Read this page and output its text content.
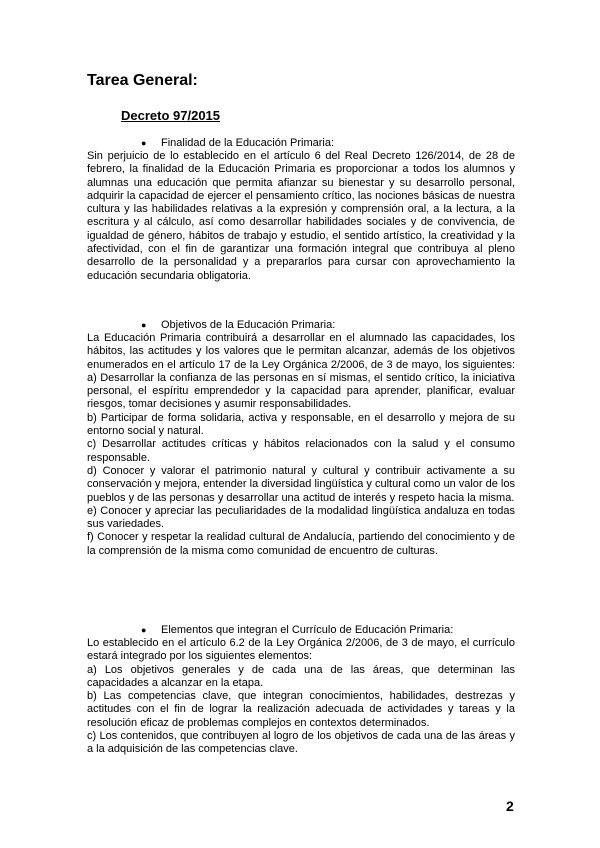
Tarea General:
Decreto 97/2015
●	Finalidad de la Educación Primaria:

Sin perjuicio de lo establecido en el artículo 6 del Real Decreto 126/2014, de 28 de febrero, la finalidad de la Educación Primaria es proporcionar a todos los alumnos y alumnas una educación que permita afianzar su bienestar y su desarrollo personal, adquirir la capacidad de ejercer el pensamiento crítico, las nociones básicas de nuestra cultura y las habilidades relativas a la expresión y comprensión oral, a la lectura, a la escritura y al cálculo, así como desarrollar habilidades sociales y de convivencia, de igualdad de género, hábitos de trabajo y estudio, el sentido artístico, la creatividad y la afectividad, con el fin de garantizar una formación integral que contribuya al pleno desarrollo de la personalidad y a prepararlos para cursar con aprovechamiento la educación secundaria obligatoria.

●	Objetivos de la Educación Primaria:

La Educación Primaria contribuirá a desarrollar en el alumnado las capacidades, los hábitos, las actitudes y los valores que le permitan alcanzar, además de los objetivos enumerados en el artículo 17 de la Ley Orgánica 2/2006, de 3 de mayo, los siguientes: a) Desarrollar la confianza de las personas en sí mismas, el sentido crítico, la iniciativa personal, el espíritu emprendedor y la capacidad para aprender, planificar, evaluar riesgos, tomar decisiones y asumir responsabilidades.

b) Participar de forma solidaria, activa y responsable, en el desarrollo y mejora de su entorno social y natural.

c) Desarrollar actitudes críticas y hábitos relacionados con la salud y el consumo responsable.

d) Conocer y valorar el patrimonio natural y cultural y contribuir activamente a su conservación y mejora, entender la diversidad lingüística y cultural como un valor de los pueblos y de las personas y desarrollar una actitud de interés y respeto hacia la misma.

e) Conocer y apreciar las peculiaridades de la modalidad lingüística andaluza en todas sus variedades.

f) Conocer y respetar la realidad cultural de Andalucía, partiendo del conocimiento y de la comprensión de la misma como comunidad de encuentro de culturas.

●	Elementos que integran el Currículo de Educación Primaria:

Lo establecido en el artículo 6.2 de la Ley Orgánica 2/2006, de 3 de mayo, el currículo estará integrado por los siguientes elementos:

a) Los objetivos generales y de cada una de las áreas, que determinan las capacidades a alcanzar en la etapa.

b) Las competencias clave, que integran conocimientos, habilidades, destrezas y actitudes con el fin de lograr la realización adecuada de actividades y tareas y la resolución eficaz de problemas complejos en contextos determinados.

c) Los contenidos, que contribuyen al logro de los objetivos de cada una de las áreas y a la adquisición de las competencias clave.

2
